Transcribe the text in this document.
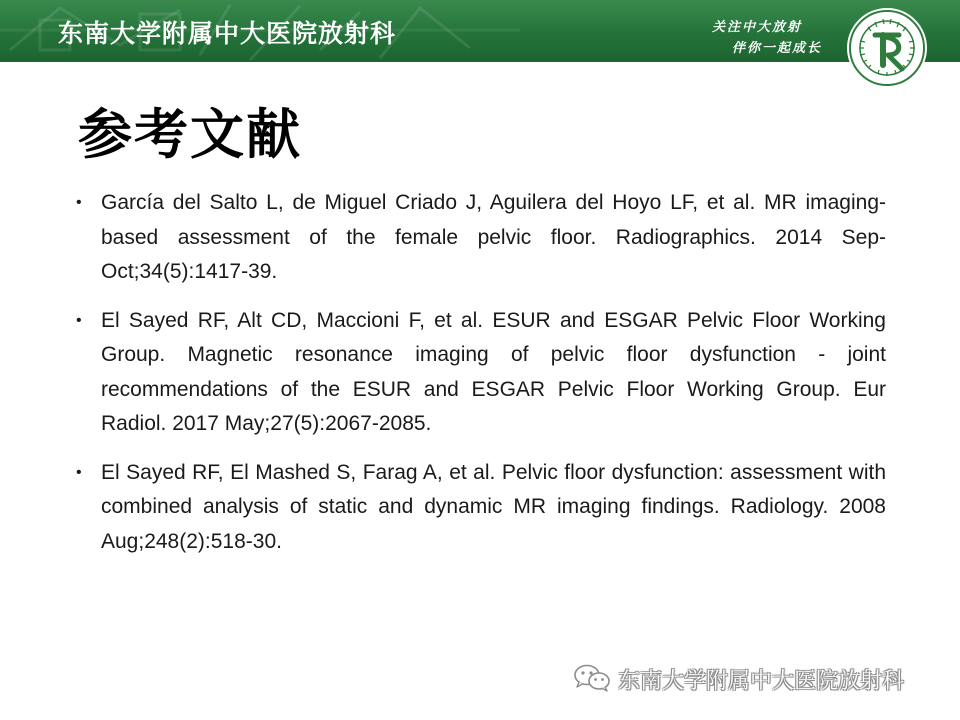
东南大学附属中大医院放射科	关注中大放射
伴你一起成长
参考文献
• García del Salto L, de Miguel Criado J, Aguilera del Hoyo LF, et al. MR imaging-based assessment of the female pelvic floor. Radiographics. 2014 Sep-Oct;34(5):1417-39.
• El Sayed RF, Alt CD, Maccioni F, et al. ESUR and ESGAR Pelvic Floor Working Group. Magnetic resonance imaging of pelvic floor dysfunction - joint recommendations of the ESUR and ESGAR Pelvic Floor Working Group. Eur Radiol. 2017 May;27(5):2067-2085.
• El Sayed RF, El Mashed S, Farag A, et al. Pelvic floor dysfunction: assessment with combined analysis of static and dynamic MR imaging findings. Radiology. 2008 Aug;248(2):518-30.
东南大学附属中大医院放射科
